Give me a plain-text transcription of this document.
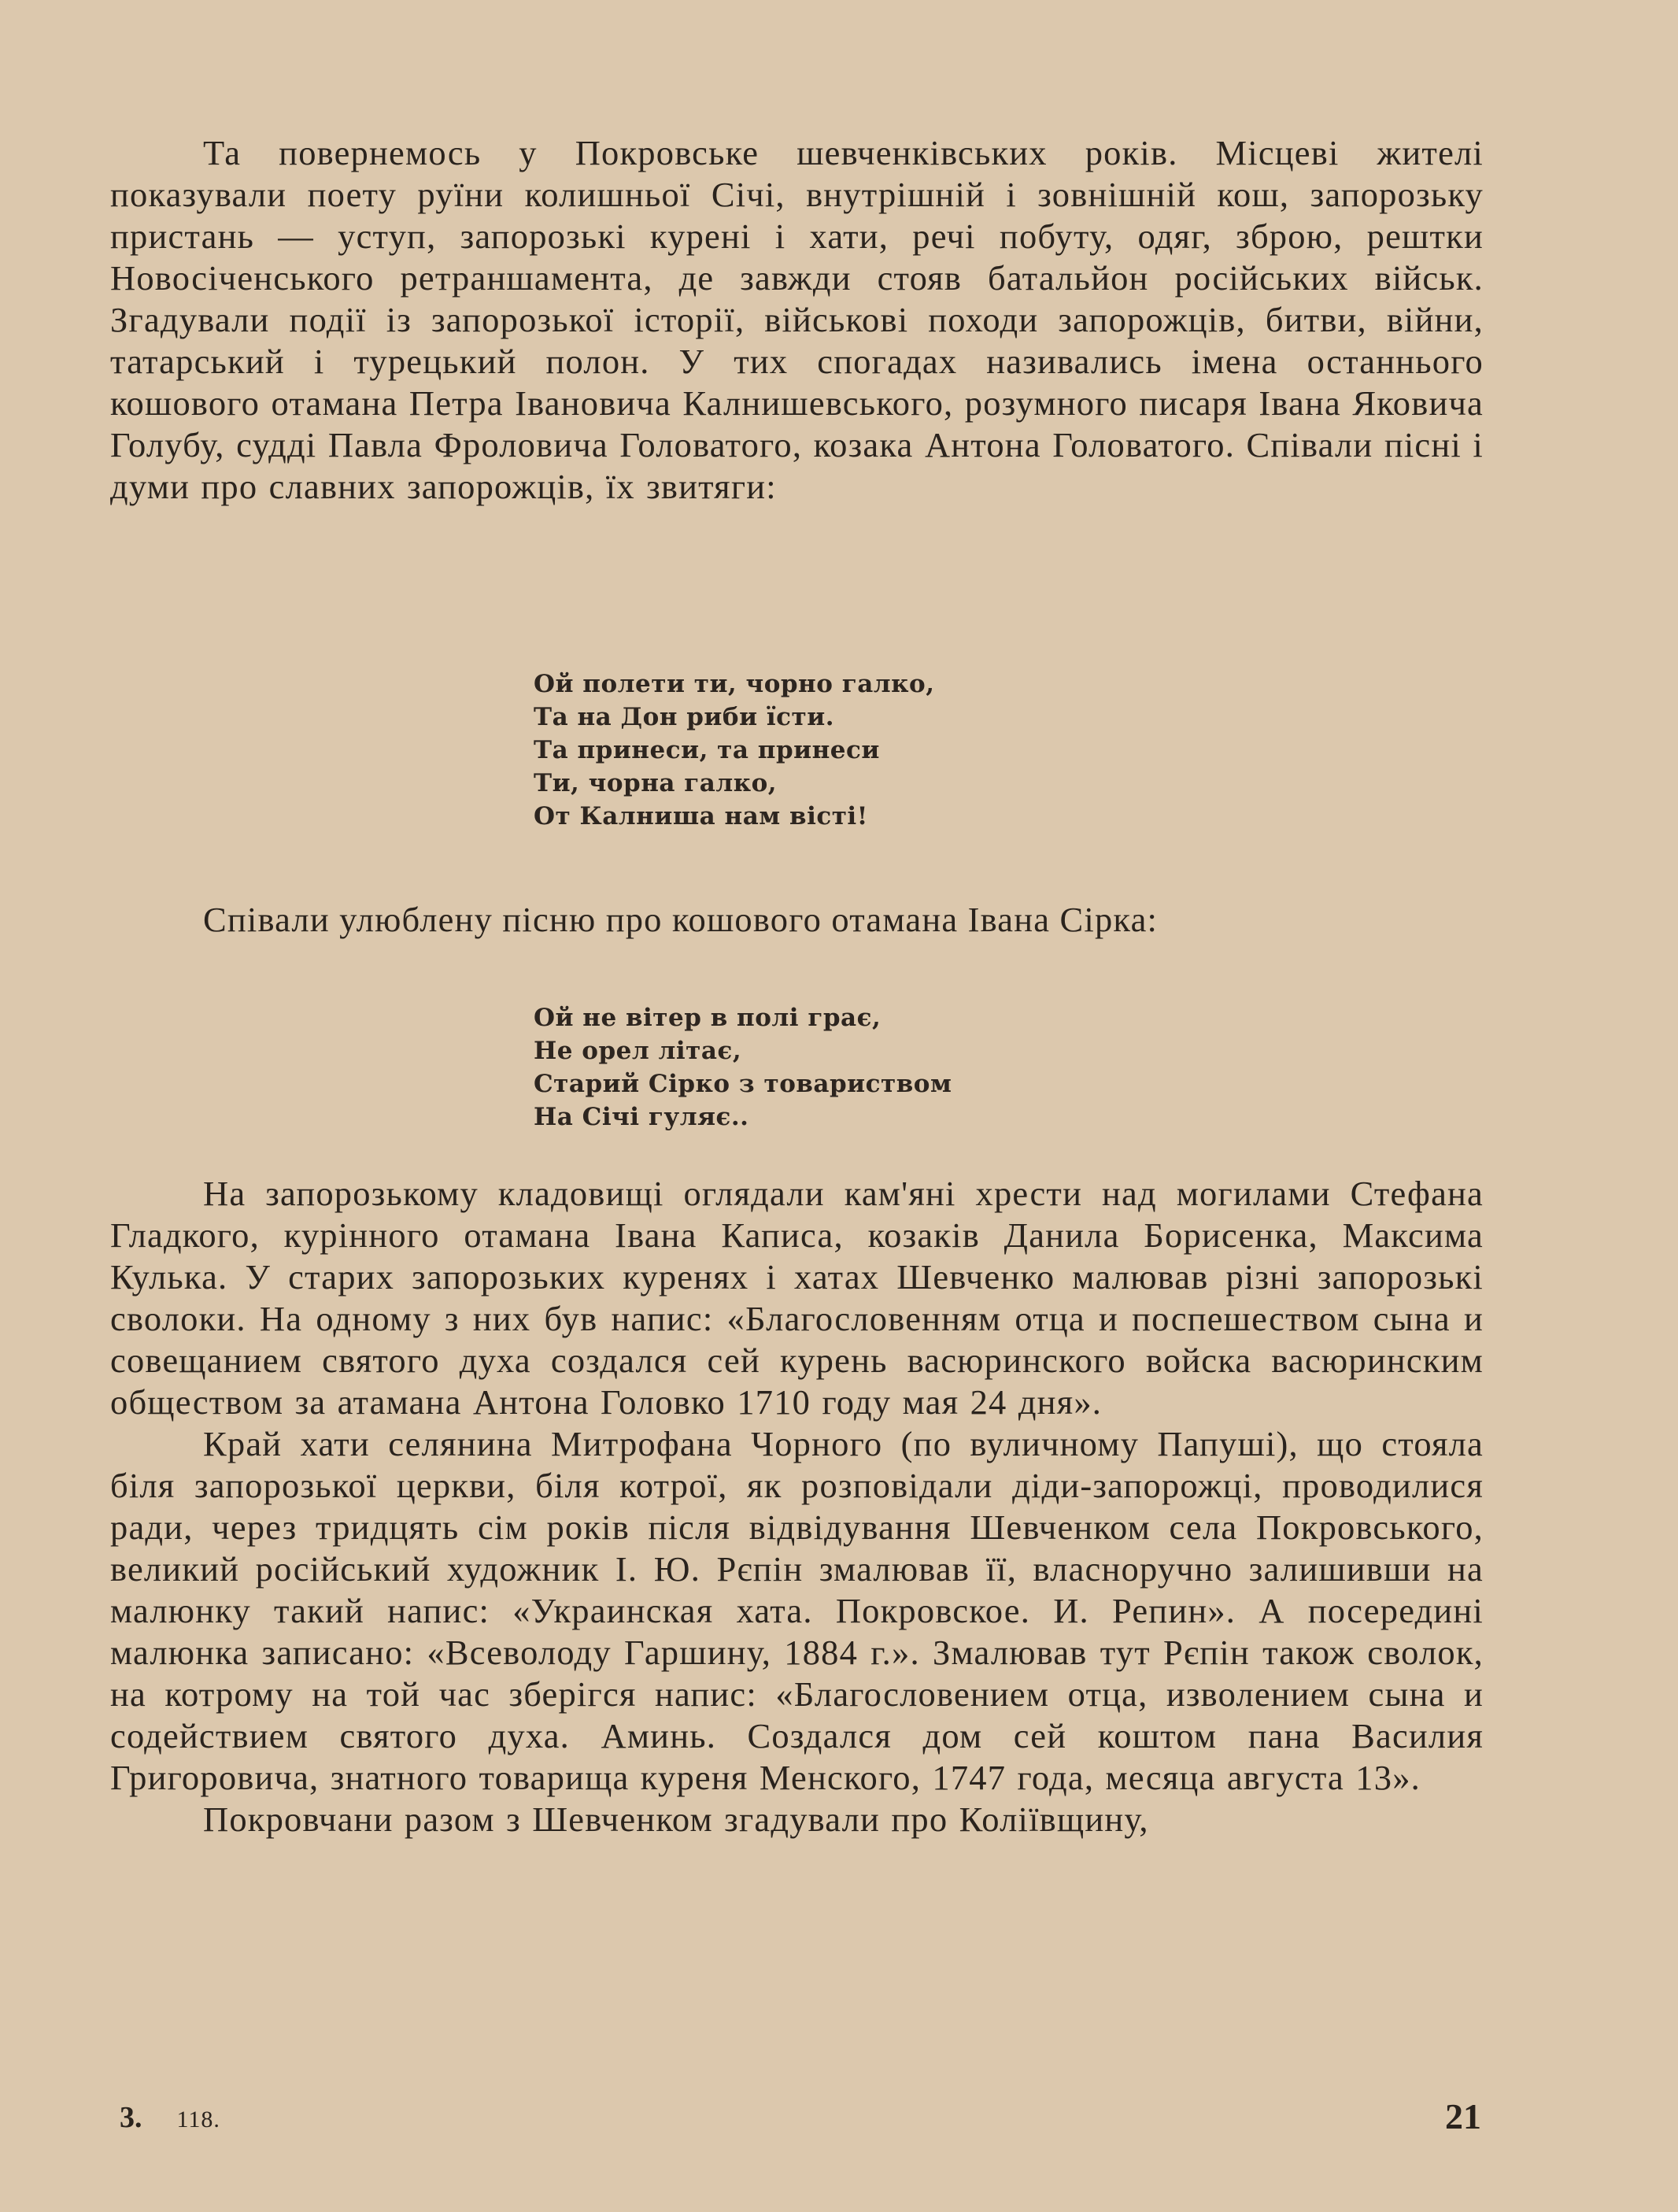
Та повернемось у Покровське шевченківських років. Місцеві жителі показували поету руїни колишньої Січі, внутрішній і зовнішній кош, запорозьку пристань — уступ, запорозькі курені і хати, речі побуту, одяг, зброю, рештки Новосіченського ретраншамента, де завжди стояв батальйон російських військ. Згадували події із запорозької історії, військові походи запорожців, битви, війни, татарський і турецький полон. У тих спогадах називались імена останнього кошового отамана Петра Івановича Калнишевського, розумного писаря Івана Яковича Голубу, судді Павла Фроловича Головатого, козака Антона Головатого. Співали пісні і думи про славних запорожців, їх звитяги:

Ой полети ти, чорно галко,
Та на Дон риби їсти.
Та принеси, та принеси
Ти, чорна галко,
От Калниша нам вісті!
Співали улюблену пісню про кошового отамана Івана Сірка:
Ой не вітер в полі грає,
Не орел літає,
Старий Сірко з товариством
На Січі гуляє..

На запорозькому кладовищі оглядали кам'яні хрести над могилами Стефана Гладкого, курінного отамана Івана Каписа, козаків Данила Борисенка, Максима Кулька. У старих запорозьких куренях і хатах Шевченко малював різні запорозькі сволоки. На одному з них був напис: «Благословенням отца и поспешеством сына и совещанием святого духа создался сей курень васюринского войска васюринским обществом за атамана Антона Головко 1710 году мая 24 дня».

Край хати селянина Митрофана Чорного (по вуличному Папуші), що стояла біля запорозької церкви, біля котрої, як розповідали діди-запорожці, проводилися ради, через тридцять сім років після відвідування Шевченком села Покровського, великий російський художник І. Ю. Рєпін змалював її, власноручно залишивши на малюнку такий напис: «Украинская хата. Покровское. И. Репин». А посередині малюнка записано: «Всеволоду Гаршину, 1884 г.». Змалював тут Рєпін також сволок, на котрому на той час зберігся напис: «Благословением отца, изволением сына и содействием святого духа. Аминь. Создался дом сей коштом пана Василия Григоровича, знатного товарища куреня Менского, 1747 года, месяца августа 13».

Покровчани разом з Шевченком згадували про Коліївщину,

3. 118.	21
